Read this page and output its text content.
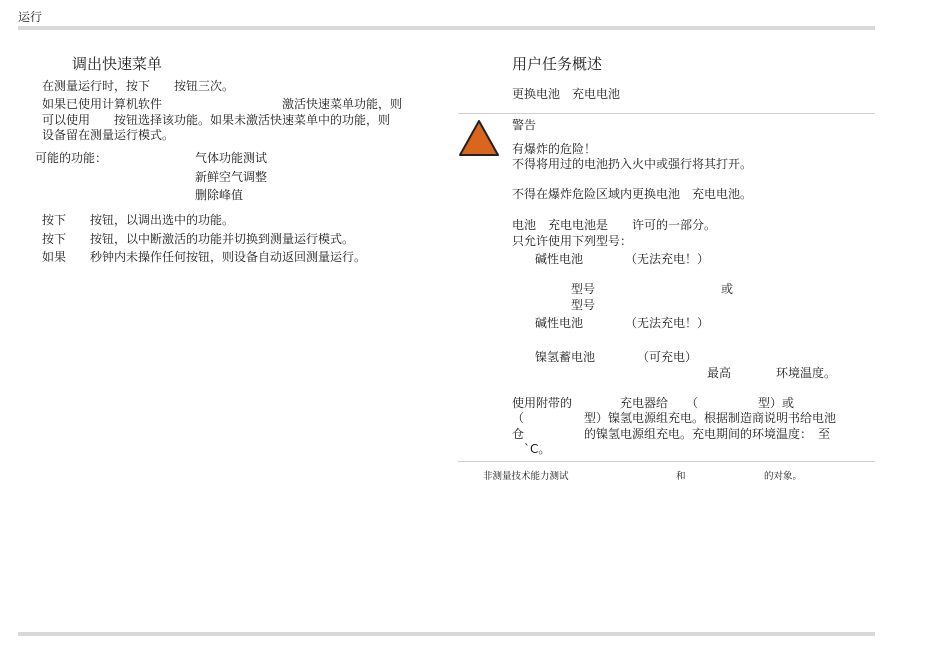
运行
调出快速菜单
在测量运行时，按下　　按钮三次。
如果已使用计算机软件　　　　　　　　　　激活快速菜单功能，则
可以使用　　按钮选择该功能。如果未激活快速菜单中的功能，则
设备留在测量运行模式。
可能的功能：	气体功能测试
新鲜空气调整
删除峰值
按下　　按钮，以调出选中的功能。
按下　　按钮，以中断激活的功能并切换到测量运行模式。
如果　　秒钟内未操作任何按钮，则设备自动返回测量运行。
用户任务概述
更换电池　充电电池
警告
有爆炸的危险！
不得将用过的电池扔入火中或强行将其打开。
不得在爆炸危险区域内更换电池　充电电池。
电池　充电电池是　　许可的一部分。
只允许使用下列型号：
碱性电池　　　　（无法充电！）
型号	或
型号
碱性电池　　　　（无法充电！）
镍氢蓄电池　　　　（可充电）
最高	环境温度。
使用附带的　　　　充电器给　　（　　　　　型）或
（　　　　　型）镍氢电源组充电。根据制造商说明书给电池
仓　　　　　的镍氢电源组充电。充电期间的环境温度：　至
　`C。
非测量技术能力测试	和	的对象。
